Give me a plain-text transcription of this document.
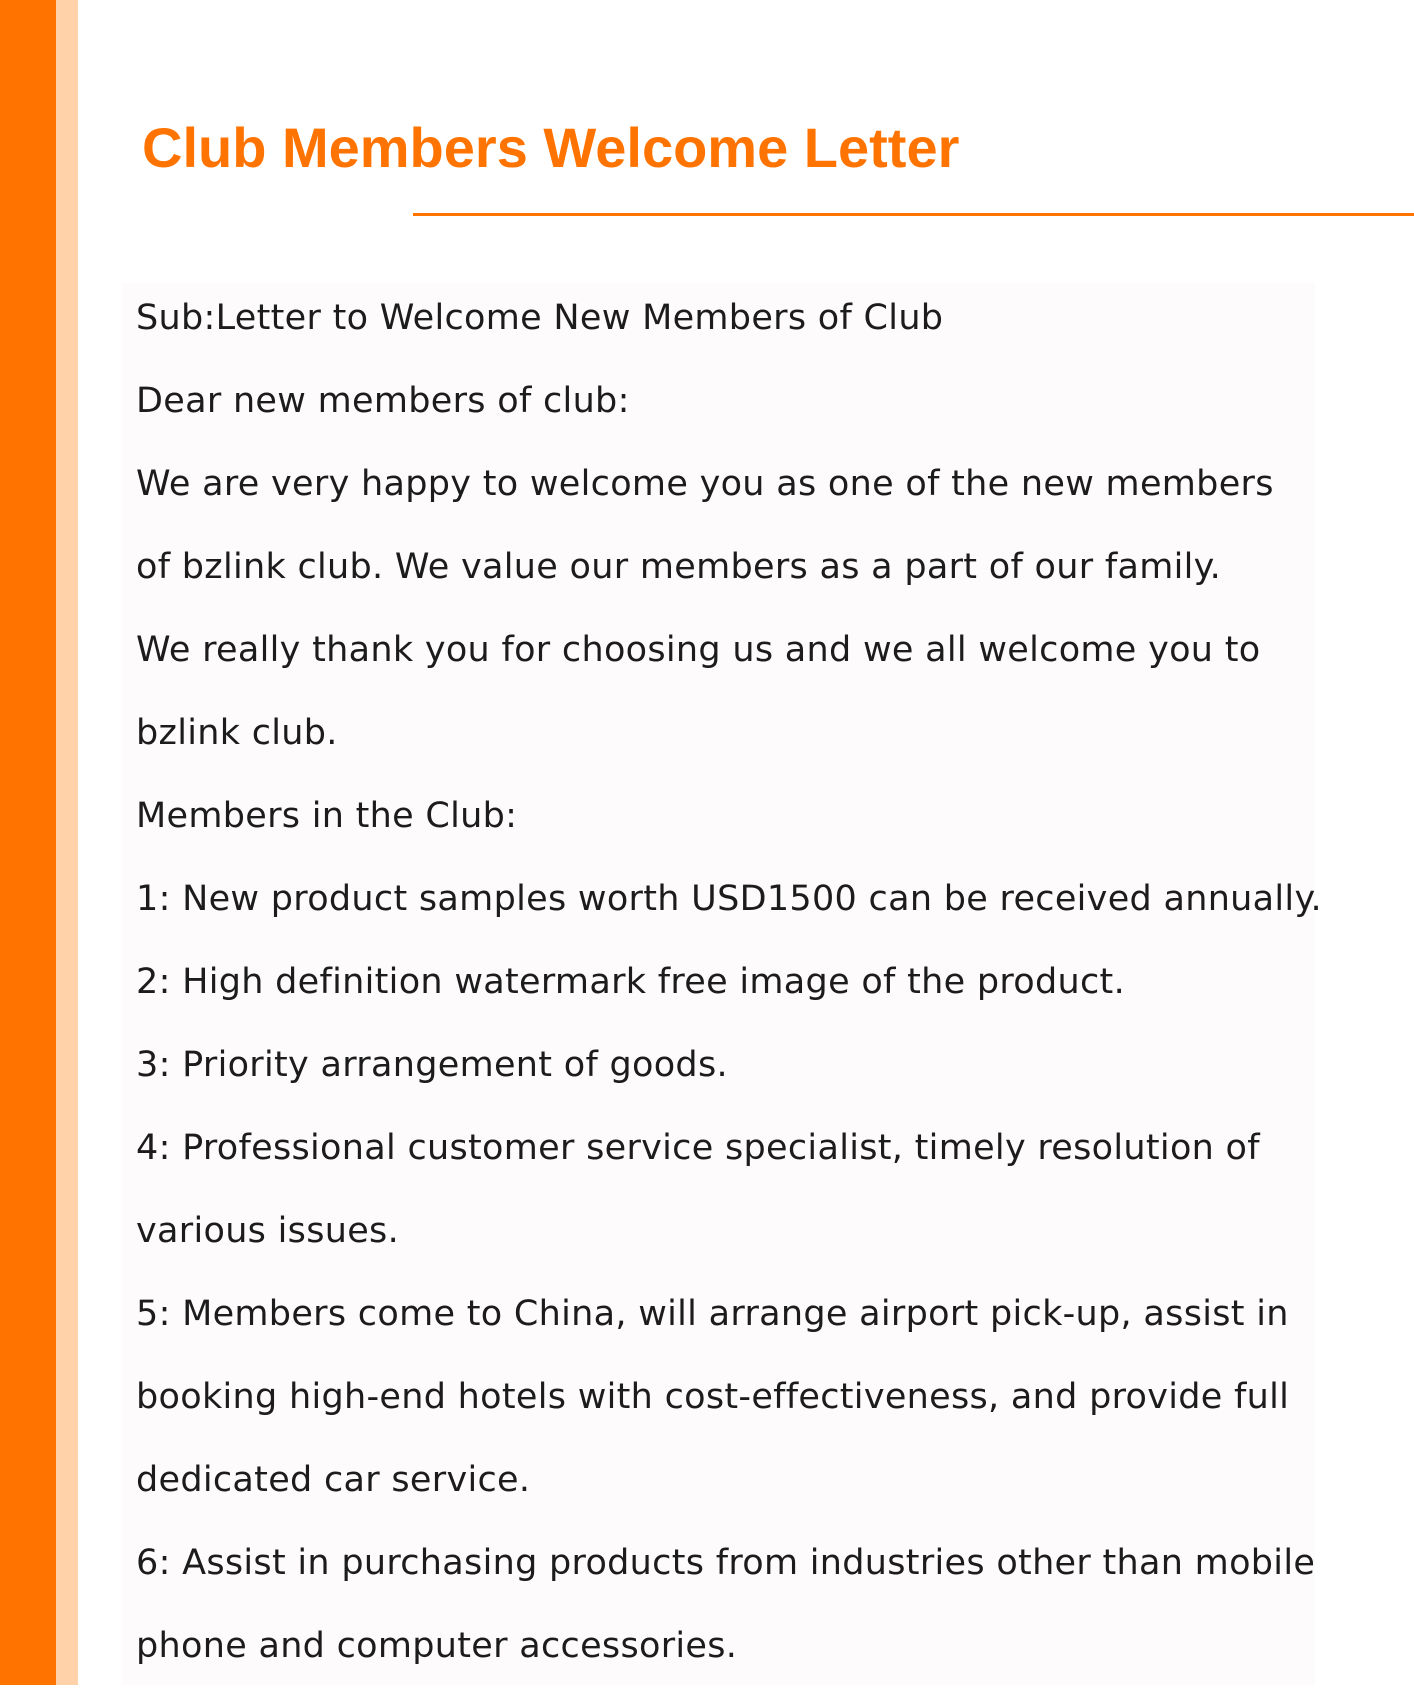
Club Members Welcome Letter
Sub:Letter to Welcome New Members of Club
Dear new members of club:
We are very happy to welcome you as one of the new members
of bzlink club. We value our members as a part of our family.
We really thank you for choosing us and we all welcome you to
bzlink club.
Members in the Club:
1: New product samples worth USD1500 can be received annually.
2: High definition watermark free image of the product.
3: Priority arrangement of goods.
4: Professional customer service specialist, timely resolution of
various issues.
5: Members come to China, will arrange airport pick-up, assist in
booking high-end hotels with cost-effectiveness, and provide full
dedicated car service.
6: Assist in purchasing products from industries other than mobile
phone and computer accessories.
